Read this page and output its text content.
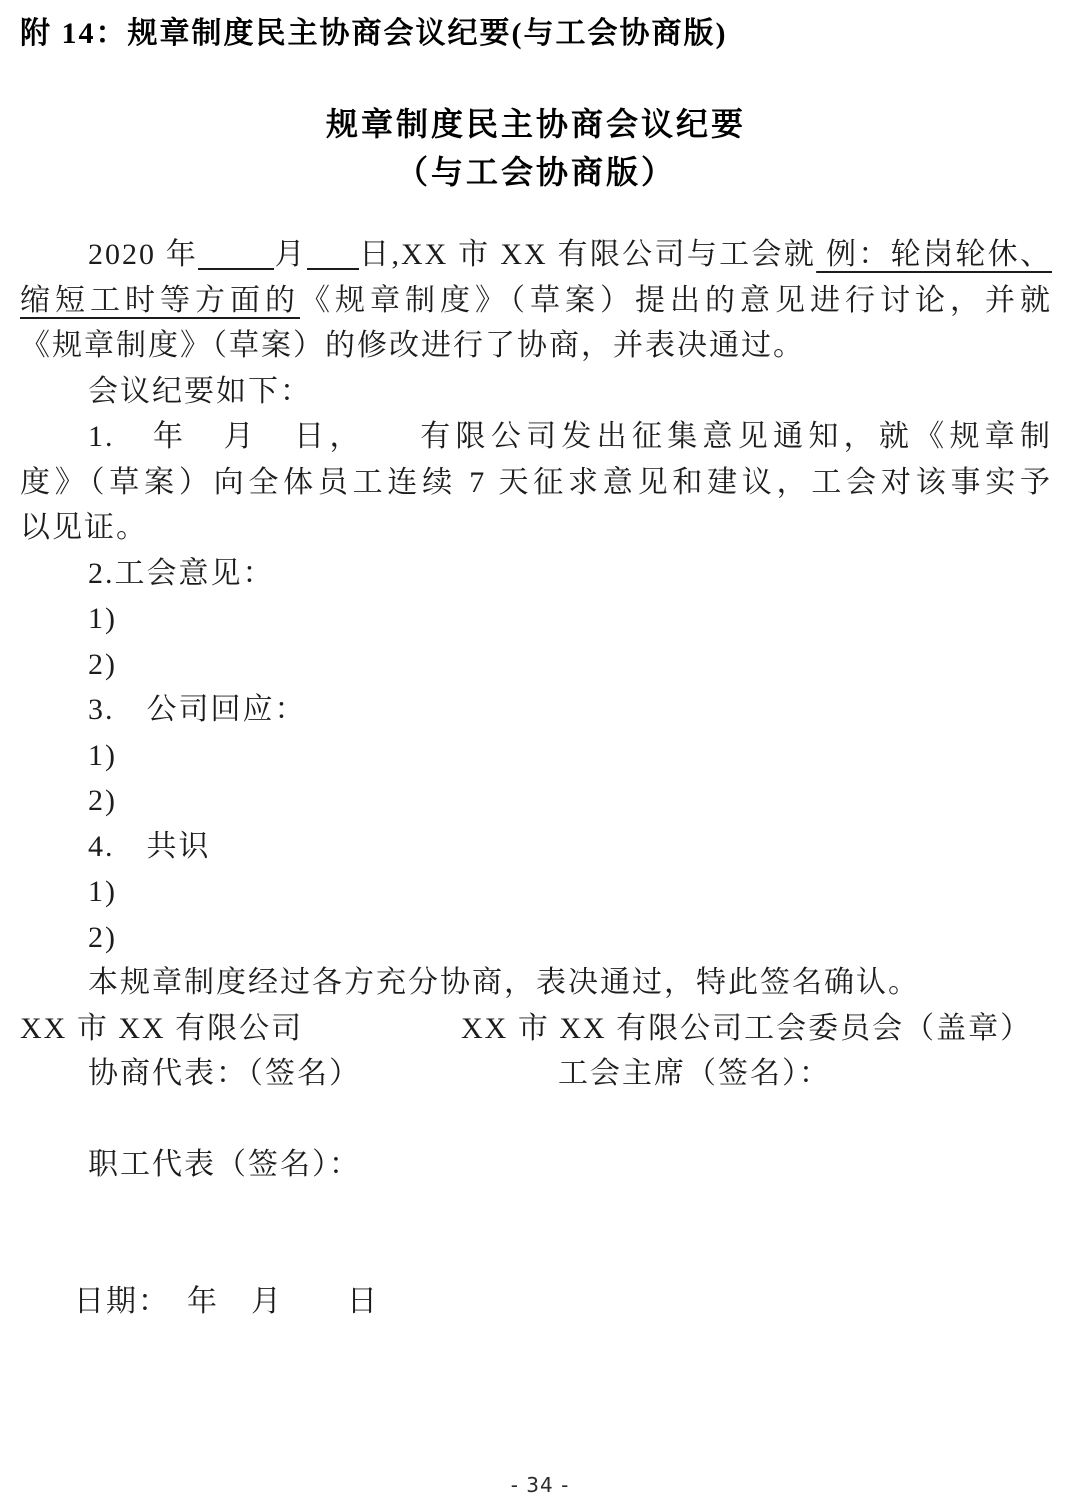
附 14：规章制度民主协商会议纪要(与工会协商版)
规章制度民主协商会议纪要
（与工会协商版）
2020 年	月 日,XX 市 XX 有限公司与工会就 例：轮岗轮休、
缩短工时等方面的《规章制度》（草案）提出的意见进行讨论，并就
《规章制度》（草案）的修改进行了协商，并表决通过。
会议纪要如下：
1.　年　月　日，　　有限公司发出征集意见通知，就《规章制
度》（草案）向全体员工连续 7 天征求意见和建议，工会对该事实予
以见证。
2.工会意见：
1)
2)
3.　公司回应：
1)
2)
4.　共识
1)
2)
本规章制度经过各方充分协商，表决通过，特此签名确认。
XX 市 XX 有限公司	XX 市 XX 有限公司工会委员会（盖章）
协商代表：（签名）	工会主席（签名）：
职工代表（签名）：
日期：　年　月　　日
- 34 -
